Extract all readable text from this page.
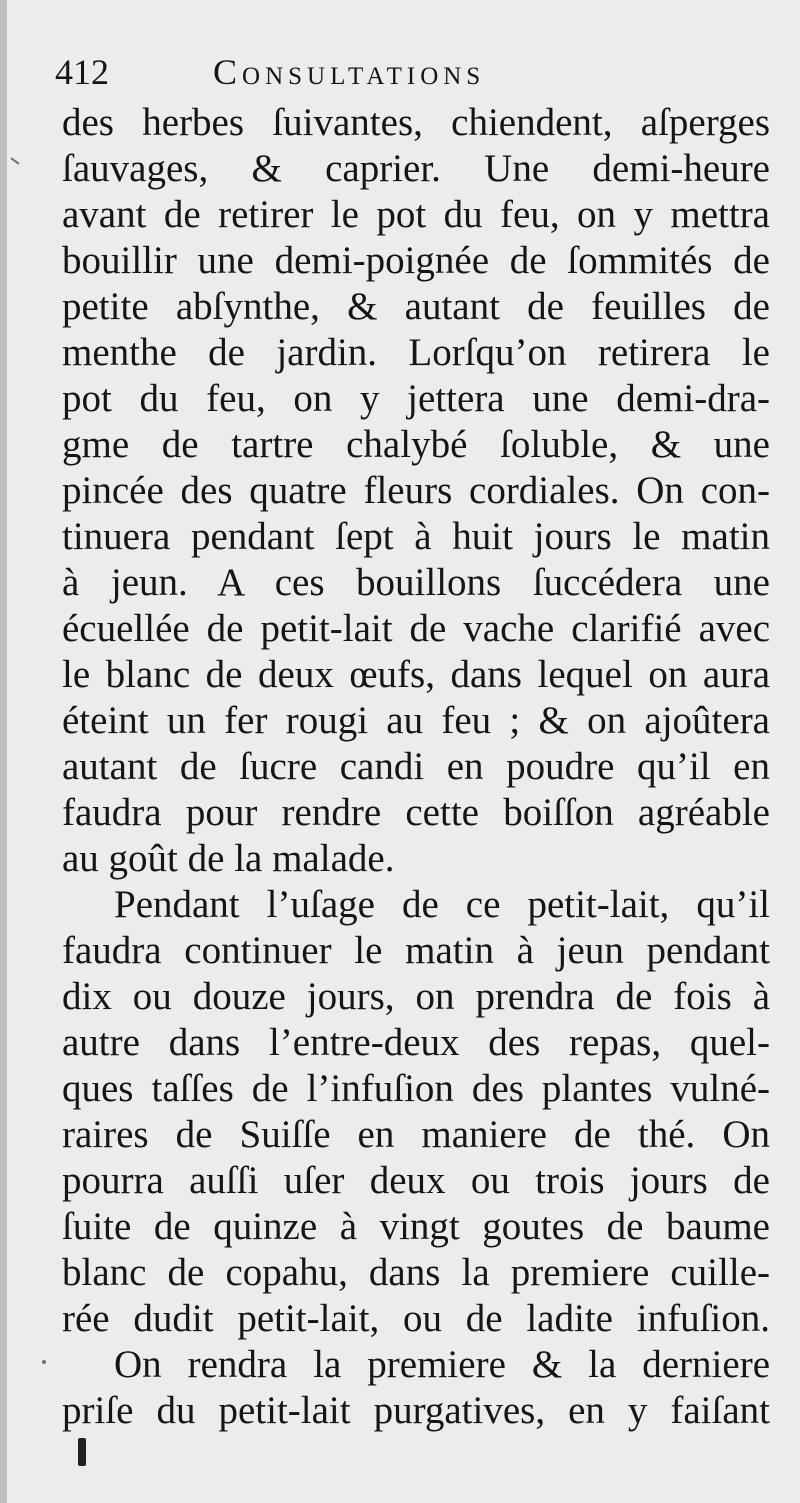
412	Consultations
des herbes ſuivantes, chiendent, aſperges
ſauvages, & caprier. Une demi-heure
avant de retirer le pot du feu, on y mettra
bouillir une demi-poignée de ſommités de
petite abſynthe, & autant de feuilles de
menthe de jardin. Lorſqu’on retirera le
pot du feu, on y jettera une demi-dra-
gme de tartre chalybé ſoluble, & une
pincée des quatre fleurs cordiales. On con-
tinuera pendant ſept à huit jours le matin
à jeun. A ces bouillons ſuccédera une
écuellée de petit-lait de vache clarifié avec
le blanc de deux œufs, dans lequel on aura
éteint un fer rougi au feu ; & on ajoûtera
autant de ſucre candi en poudre qu’il en
faudra pour rendre cette boiſſon agréable
au goût de la malade.
Pendant l’uſage de ce petit-lait, qu’il
faudra continuer le matin à jeun pendant
dix ou douze jours, on prendra de fois à
autre dans l’entre-deux des repas, quel-
ques taſſes de l’infuſion des plantes vulné-
raires de Suiſſe en maniere de thé. On
pourra auſſi uſer deux ou trois jours de
ſuite de quinze à vingt goutes de baume
blanc de copahu, dans la premiere cuille-
rée dudit petit-lait, ou de ladite infuſion.
On rendra la premiere & la derniere
priſe du petit-lait purgatives, en y faiſant
